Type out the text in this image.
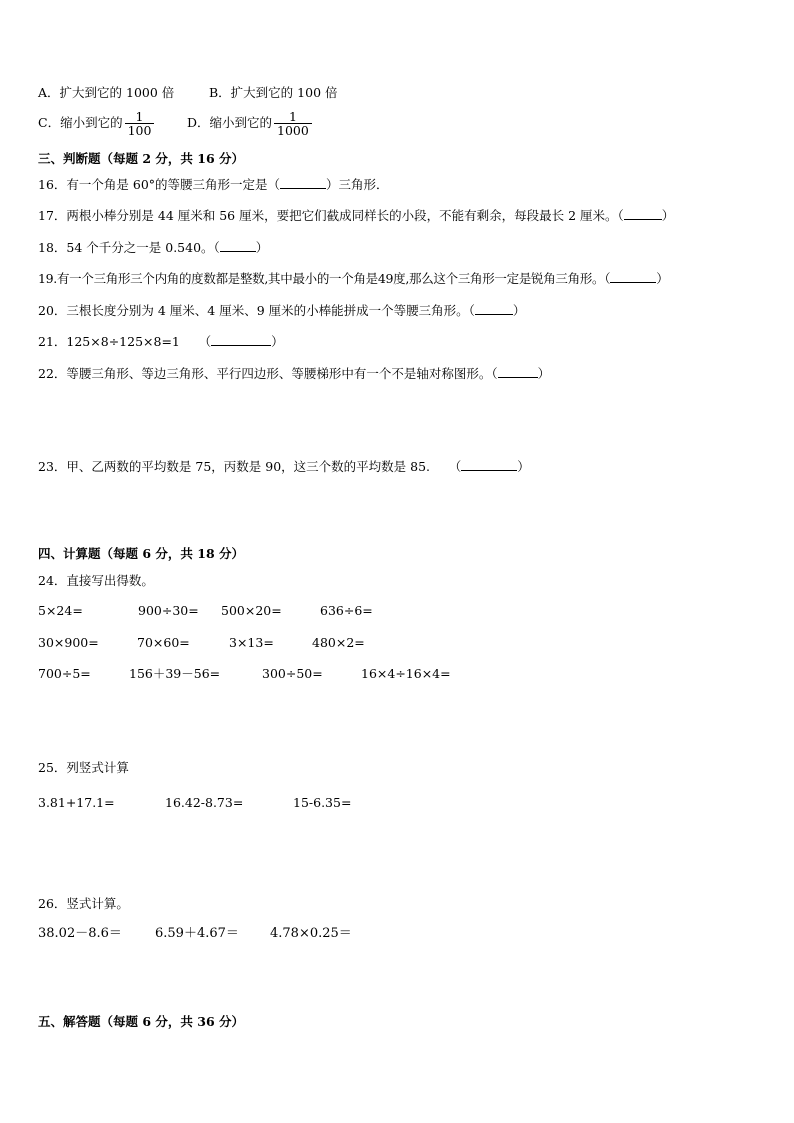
A．扩大到它的 1000 倍	B．扩大到它的 100 倍
C．缩小到它的 $\frac{1}{100}$	D．缩小到它的 $\frac{1}{1000}$
三、判断题（每题 2 分，共 16 分）
16．有一个角是 60°的等腰三角形一定是（	）三角形．
17．两根小棒分别是 44 厘米和 56 厘米，要把它们截成同样长的小段，不能有剩余，每段最长 2 厘米。（	）
18．54 个千分之一是 0.540。（	）
19.有一个三角形三个内角的度数都是整数,其中最小的一个角是49度,那么这个三角形一定是锐角三角形。（	）
20．三根长度分别为 4 厘米、4 厘米、9 厘米的小棒能拼成一个等腰三角形。（	）
21．125×8÷125×8=1　　（	）
22．等腰三角形、等边三角形、平行四边形、等腰梯形中有一个不是轴对称图形。（	）
23．甲、乙两数的平均数是 75，丙数是 90，这三个数的平均数是 85.　　（	）
四、计算题（每题 6 分，共 18 分）
24．直接写出得数。
5×24=	900÷30= 500×20=	636÷6=
30×900=	70×60=	3×13=	480×2=
700÷5=	156＋39－56=	300÷50=	16×4÷16×4=
25．列竖式计算
3.81+17.1=	16.42-8.73=	15-6.35=
26．竖式计算。
38.02－8.6＝	6.59＋4.67＝ 4.78×0.25＝
五、解答题（每题 6 分，共 36 分）
